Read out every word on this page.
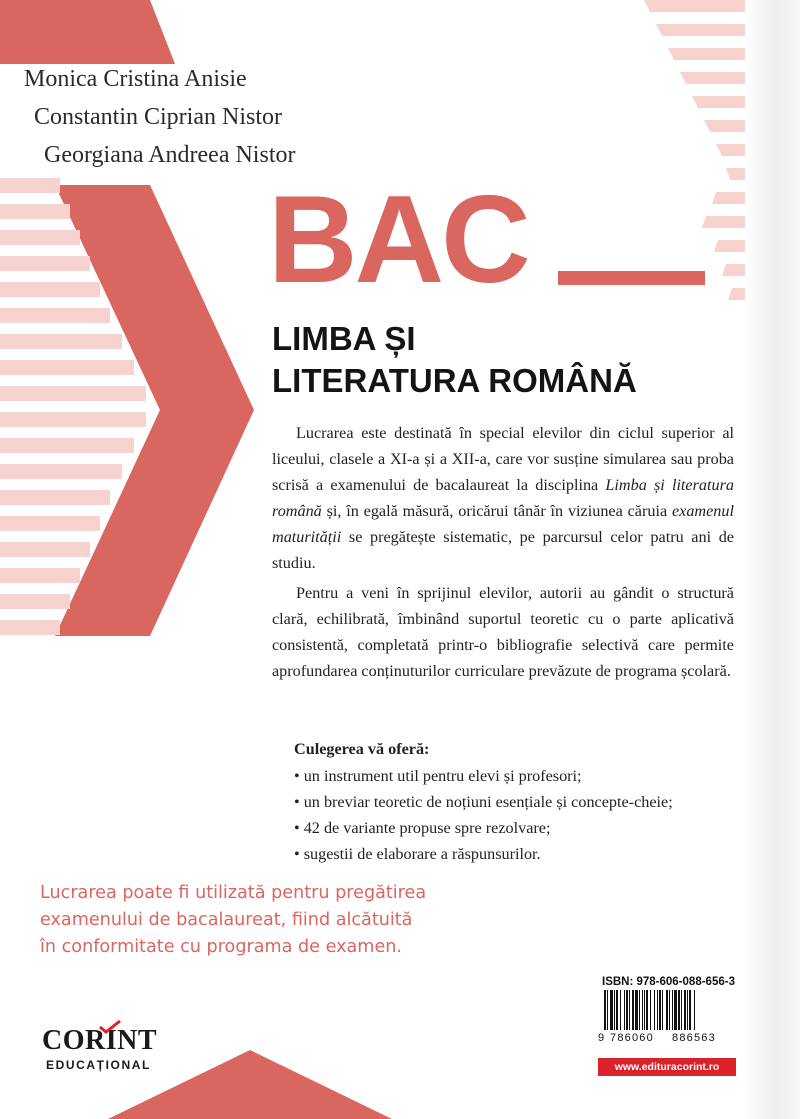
Monica Cristina Anisie
Constantin Ciprian Nistor
Georgiana Andreea Nistor
BAC
LIMBA ȘI
LITERATURA ROMÂNĂ

Lucrarea este destinată în special elevilor din ciclul superior al liceului, clasele a XI-a și a XII-a, care vor susține simularea sau proba scrisă a examenului de bacalaureat la disciplina Limba și literatura română și, în egală măsură, oricărui tânăr în viziunea căruia examenul maturității se pregătește sistematic, pe parcursul celor patru ani de studiu.

Pentru a veni în sprijinul elevilor, autorii au gândit o structură clară, echilibrată, îmbinând suportul teoretic cu o parte aplicativă consistentă, completată printr-o bibliografie selectivă care permite aprofundarea conținuturilor curriculare prevăzute de programa școlară.

Culegerea vă oferă:

• un instrument util pentru elevi și profesori;
• un breviar teoretic de noțiuni esențiale și concepte-cheie;
• 42 de variante propuse spre rezolvare;
• sugestii de elaborare a răspunsurilor.
Lucrarea poate fi utilizată pentru pregătirea
examenului de bacalaureat, fiind alcătuită
în conformitate cu programa de examen.
CORINT
EDUCAȚIONAL
ISBN: 978-606-088-656-3
9 786060 886563
www.edituracorint.ro
